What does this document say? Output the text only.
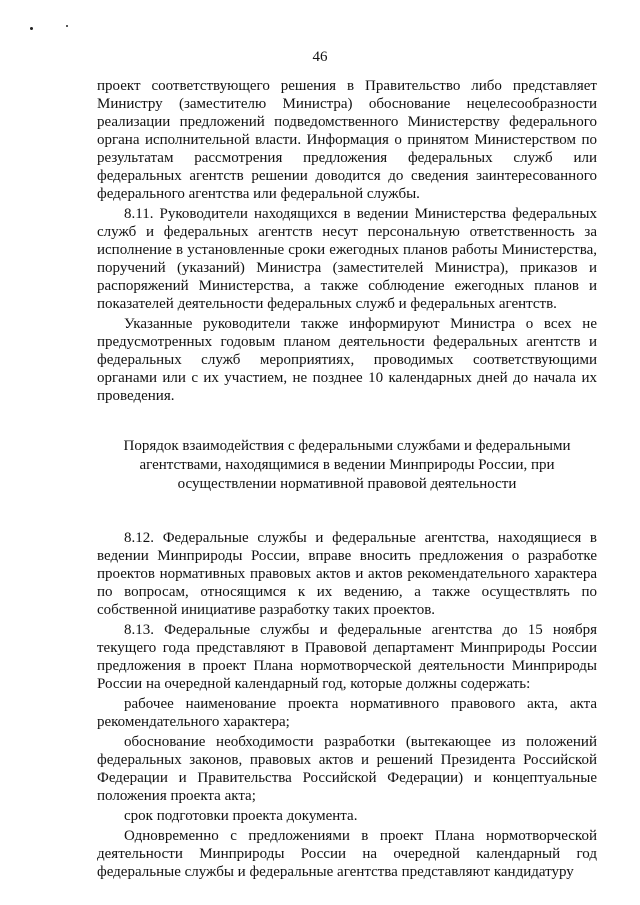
46

проект соответствующего решения в Правительство либо представляет Министру (заместителю Министра) обоснование нецелесообразности реализации предложений подведомственного Министерству федерального органа исполнительной власти. Информация о принятом Министерством по результатам рассмотрения предложения федеральных служб или федеральных агентств решении доводится до сведения заинтересованного федерального агентства или федеральной службы.

8.11. Руководители находящихся в ведении Министерства федеральных служб и федеральных агентств несут персональную ответственность за исполнение в установленные сроки ежегодных планов работы Министерства, поручений (указаний) Министра (заместителей Министра), приказов и распоряжений Министерства, а также соблюдение ежегодных планов и показателей деятельности федеральных служб и федеральных агентств.

Указанные руководители также информируют Министра о всех не предусмотренных годовым планом деятельности федеральных агентств и федеральных служб мероприятиях, проводимых соответствующими органами или с их участием, не позднее 10 календарных дней до начала их проведения.

Порядок взаимодействия с федеральными службами и федеральными агентствами, находящимися в ведении Минприроды России, при осуществлении нормативной правовой деятельности

8.12. Федеральные службы и федеральные агентства, находящиеся в ведении Минприроды России, вправе вносить предложения о разработке проектов нормативных правовых актов и актов рекомендательного характера по вопросам, относящимся к их ведению, а также осуществлять по собственной инициативе разработку таких проектов.

8.13. Федеральные службы и федеральные агентства до 15 ноября текущего года представляют в Правовой департамент Минприроды России предложения в проект Плана нормотворческой деятельности Минприроды России на очередной календарный год, которые должны содержать:

рабочее наименование проекта нормативного правового акта, акта рекомендательного характера;

обоснование необходимости разработки (вытекающее из положений федеральных законов, правовых актов и решений Президента Российской Федерации и Правительства Российской Федерации) и концептуальные положения проекта акта;

срок подготовки проекта документа.

Одновременно с предложениями в проект Плана нормотворческой деятельности Минприроды России на очередной календарный год федеральные службы и федеральные агентства представляют кандидатуру
